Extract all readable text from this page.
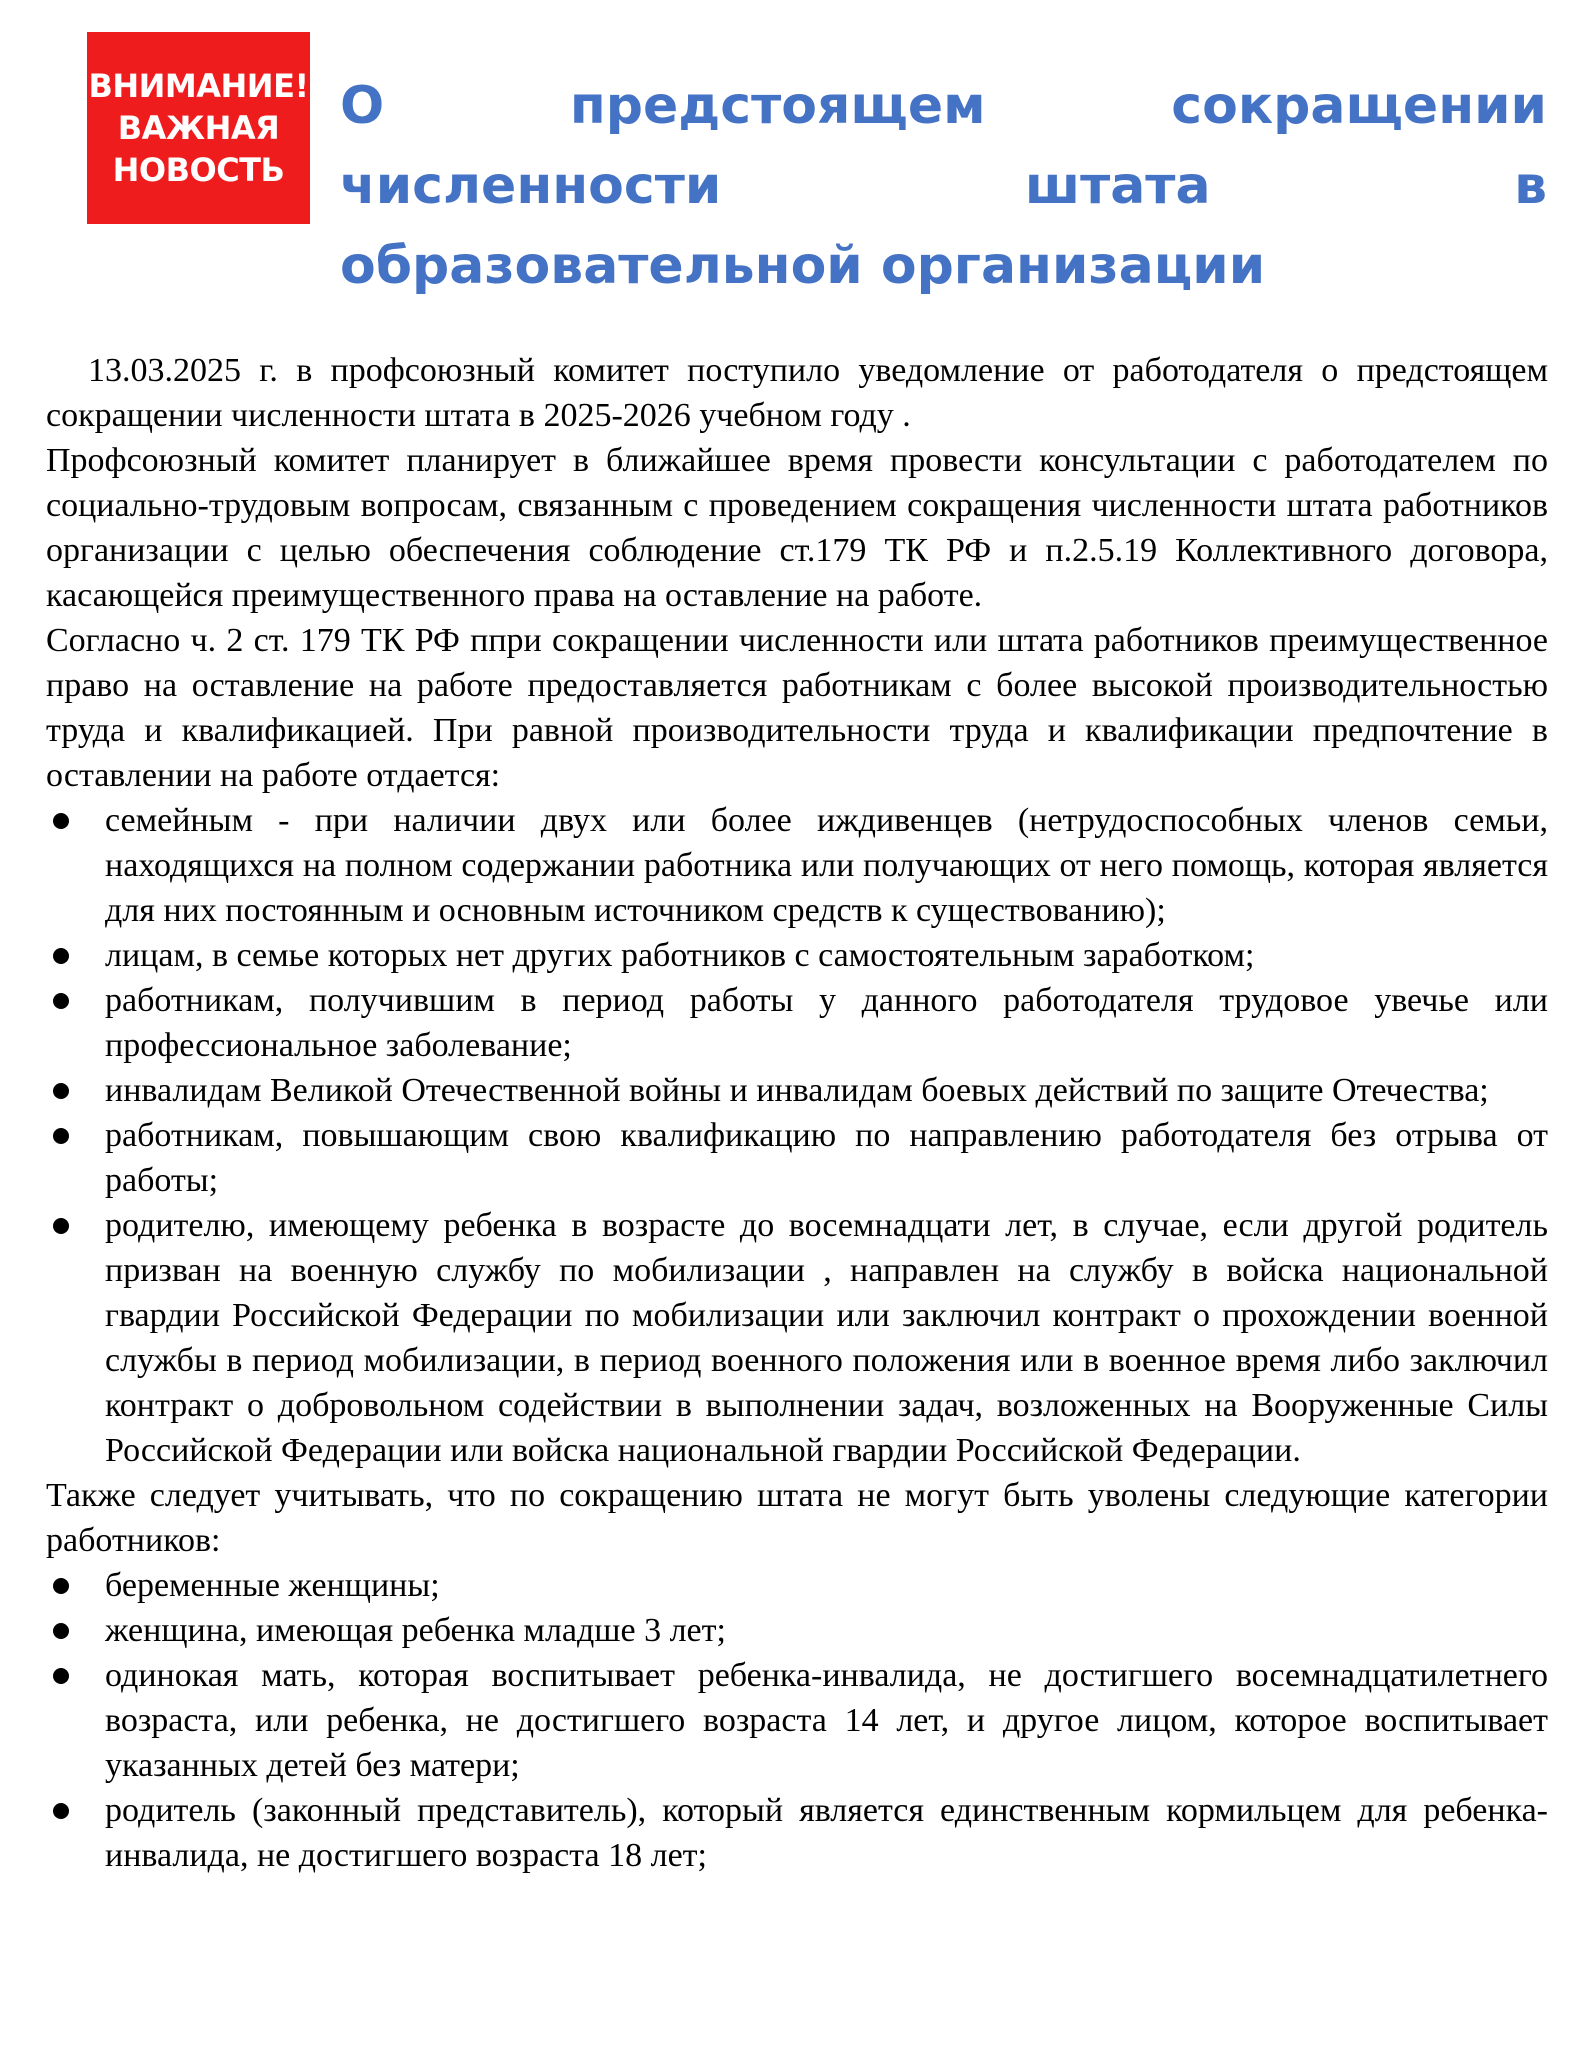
ВНИМАНИЕ!
ВАЖНАЯ
НОВОСТЬ
О предстоящем сокращении
численности штата в
образовательной организации

13.03.2025 г. в профсоюзный комитет поступило уведомление от работодателя о предстоящем сокращении численности штата в 2025-2026 учебном году .

Профсоюзный комитет планирует в ближайшее время провести консультации с работодателем по социально-трудовым вопросам, связанным с проведением сокращения численности штата работников организации с целью обеспечения соблюдение ст.179 ТК РФ и п.2.5.19 Коллективного договора, касающейся преимущественного права на оставление на работе.

Согласно ч. 2 ст. 179 ТК РФ ппри сокращении численности или штата работников преимущественное право на оставление на работе предоставляется работникам с более высокой производительностью труда и квалификацией. При равной производительности труда и квалификации предпочтение в оставлении на работе отдается:

семейным - при наличии двух или более иждивенцев (нетрудоспособных членов семьи, находящихся на полном содержании работника или получающих от него помощь, которая является для них постоянным и основным источником средств к существованию);
лицам, в семье которых нет других работников с самостоятельным заработком;
работникам, получившим в период работы у данного работодателя трудовое увечье или профессиональное заболевание;
инвалидам Великой Отечественной войны и инвалидам боевых действий по защите Отечества;
работникам, повышающим свою квалификацию по направлению работодателя без отрыва от работы;
родителю, имеющему ребенка в возрасте до восемнадцати лет, в случае, если другой родитель призван на военную службу по мобилизации , направлен на службу в войска национальной гвардии Российской Федерации по мобилизации или заключил контракт о прохождении военной службы в период мобилизации, в период военного положения или в военное время либо заключил контракт о добровольном содействии в выполнении задач, возложенных на Вооруженные Силы Российской Федерации или войска национальной гвардии Российской Федерации.

Также следует учитывать, что по сокращению штата не могут быть уволены следующие категории работников:

беременные женщины;
женщина, имеющая ребенка младше 3 лет;
одинокая мать, которая воспитывает ребенка-инвалида, не достигшего восемнадцатилетнего возраста, или ребенка, не достигшего возраста 14 лет, и другое лицом, которое воспитывает указанных детей без матери;
родитель (законный представитель), который является единственным кормильцем для ребенка-инвалида, не достигшего возраста 18 лет;
